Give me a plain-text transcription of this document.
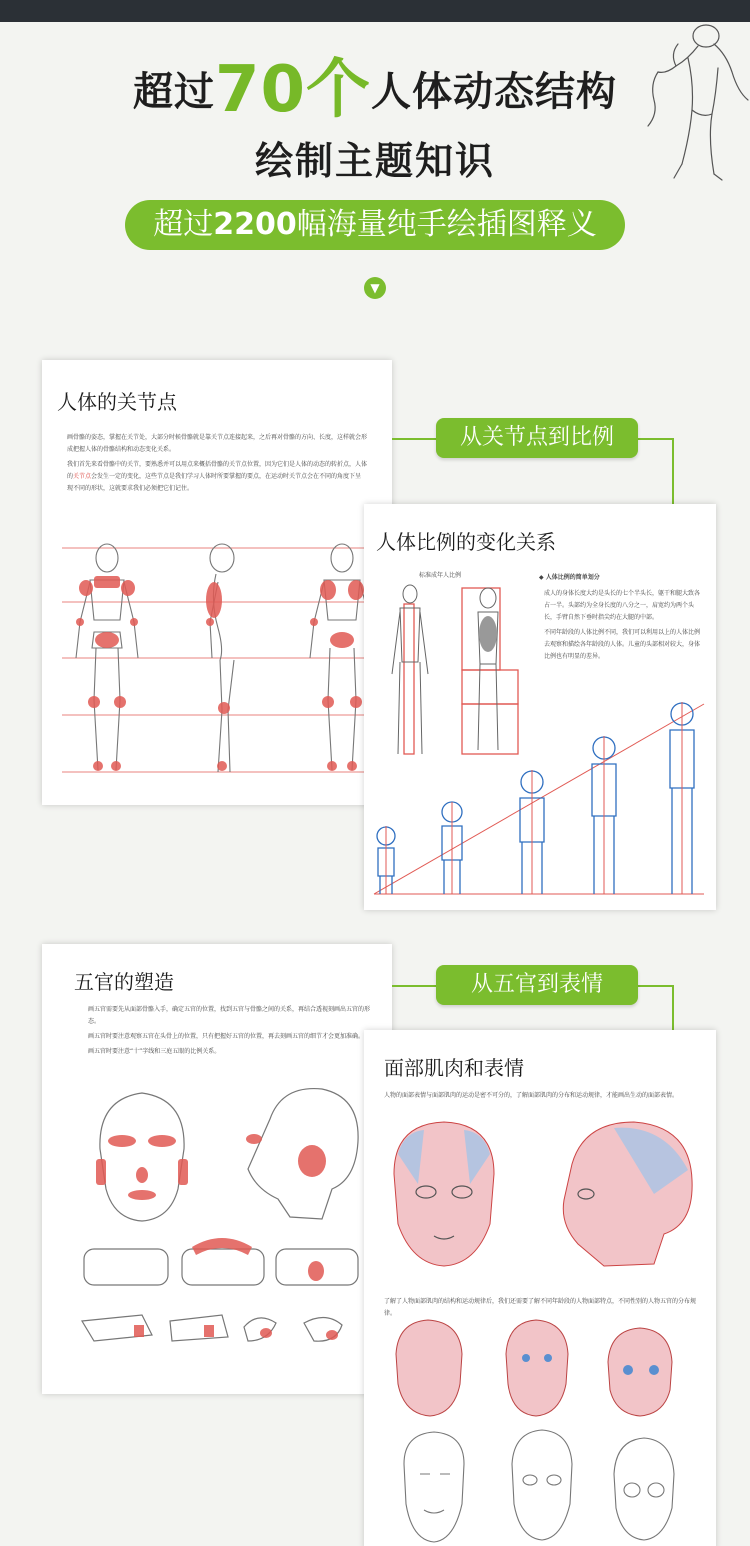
超过70个人体动态结构
绘制主题知识
超过2200幅海量纯手绘插图释义
▼
人体的关节点

画骨骼的姿态，掌握在关节处，大部分时候骨骼就是靠关节点连接起来，之后再对骨骼的方向、长度，这样就会形成把握人体的骨骼结构和动态变化关系。

我们首先来看骨骼中的关节，要熟悉并可以用点来概括骨骼的关节点位置，因为它们是人体的动态的转折点，人体的关节点会发生一定的变化，这些节点是我们学习人体时所要掌握的要点，在运动时关节点会在不同的角度下呈现不同的形状，这就要求我们必须把它们记住。

从关节点到比例
人体比例的变化关系
标准成年人比例	◆ 人体比例的简单划分

成人的身体长度大约是头长的七个半头长，躯干和腿大致各占一半。头部约为全身长度的八分之一，肩宽约为两个头长，手臂自然下垂时指尖约在大腿的中部。

不同年龄段的人体比例不同，我们可以利用以上的人体比例去观察和描绘各年龄段的人体。儿童的头部相对较大，身体比例也有明显的差异。

五官的塑造

画五官需要先从面部骨骼入手，确定五官的位置，找到五官与骨骼之间的关系，再结合透视刻画出五官的形态。

画五官时要注意观察五官在头骨上的位置，只有把握好五官的位置，再去刻画五官的细节才会更加准确。

画五官时要注意“十”字线和三庭五眼的比例关系。

从五官到表情
面部肌肉和表情
人物的面部表情与面部肌肉的运动是密不可分的，了解面部肌肉的分布和运动规律，才能画出生动的面部表情。
了解了人物面部肌肉的结构和运动规律后，我们还需要了解不同年龄段的人物面部特点，不同性别的人物五官的分布规律。
